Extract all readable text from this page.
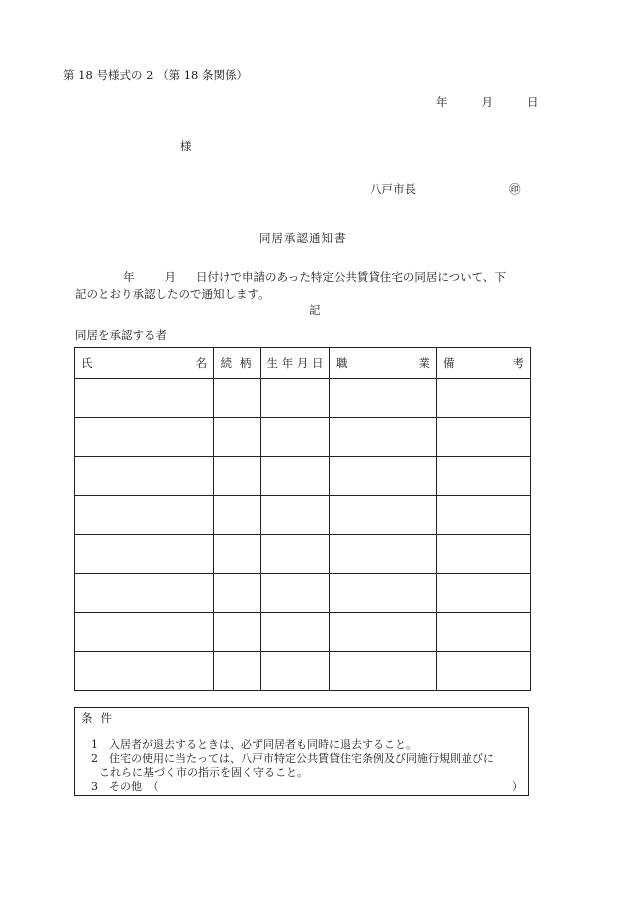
第 18 号様式の 2 （第 18 条関係）
年	月	日
様
八戸市長	㊞
同居承認通知書
年	月 日付けで申請のあった特定公共賃貸住宅の同居について、下
記のとおり承認したので通知します。
記
同居を承認する者
氏 名	続 柄	生 年 月 日	職 業	備 考

条件
1　入居者が退去するときは、必ず同居者も同時に退去すること。
2　住宅の使用に当たっては、八戸市特定公共賃貸住宅条例及び同施行規則並びに
これらに基づく市の指示を固く守ること。
3　その他　（	）
